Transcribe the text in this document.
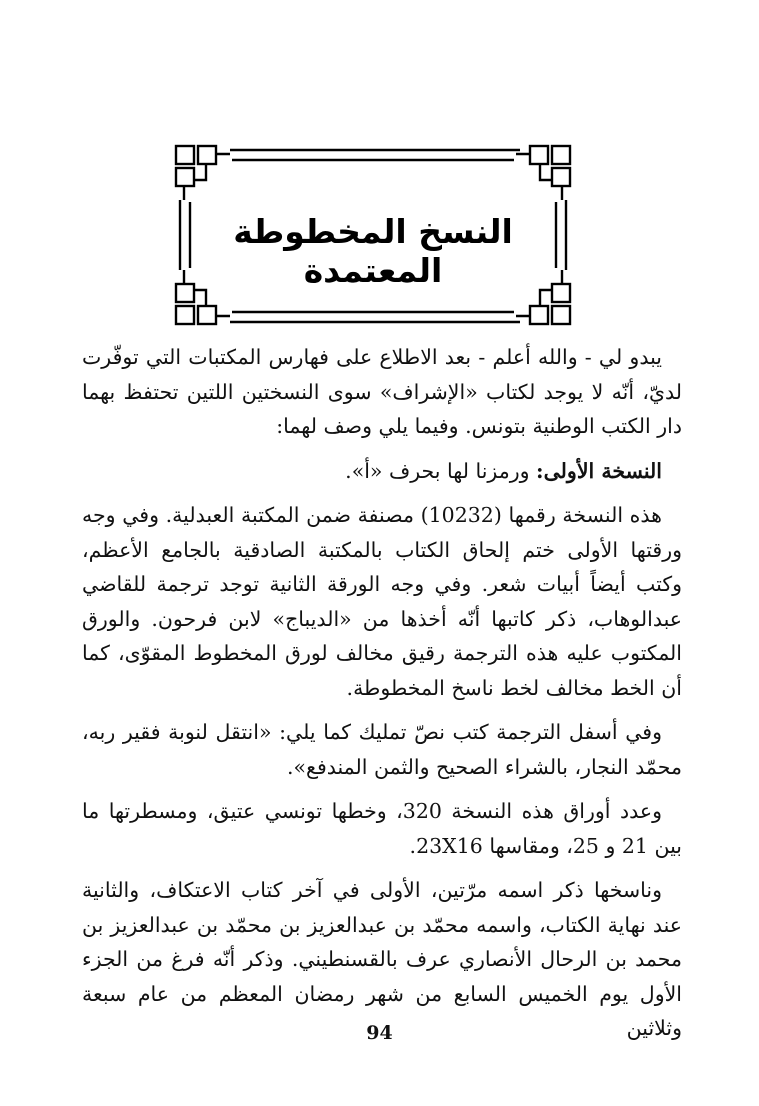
النسخ المخطوطة المعتمدة

يبدو لي - والله أعلم - بعد الاطلاع على فهارس المكتبات التي توفّرت لديّ، أنّه لا يوجد لكتاب «الإشراف» سوى النسختين اللتين تحتفظ بهما دار الكتب الوطنية بتونس. وفيما يلي وصف لهما:

النسخة الأولى: ورمزنا لها بحرف «أ».

هذه النسخة رقمها (10232) مصنفة ضمن المكتبة العبدلية. وفي وجه ورقتها الأولى ختم إلحاق الكتاب بالمكتبة الصادقية بالجامع الأعظم، وكتب أيضاً أبيات شعر. وفي وجه الورقة الثانية توجد ترجمة للقاضي عبدالوهاب، ذكر كاتبها أنّه أخذها من «الديباج» لابن فرحون. والورق المكتوب عليه هذه الترجمة رقيق مخالف لورق المخطوط المقوّى، كما أن الخط مخالف لخط ناسخ المخطوطة.

وفي أسفل الترجمة كتب نصّ تمليك كما يلي: «انتقل لنوبة فقير ربه، محمّد النجار، بالشراء الصحيح والثمن المندفع».

وعدد أوراق هذه النسخة 320، وخطها تونسي عتيق، ومسطرتها ما بين 21 و 25، ومقاسها 23X16.

وناسخها ذكر اسمه مرّتين، الأولى في آخر كتاب الاعتكاف، والثانية عند نهاية الكتاب، واسمه محمّد بن عبدالعزيز بن محمّد بن عبدالعزيز بن محمد بن الرحال الأنصاري عرف بالقسنطيني. وذكر أنّه فرغ من الجزء الأول يوم الخميس السابع من شهر رمضان المعظم من عام سبعة وثلاثين

94
